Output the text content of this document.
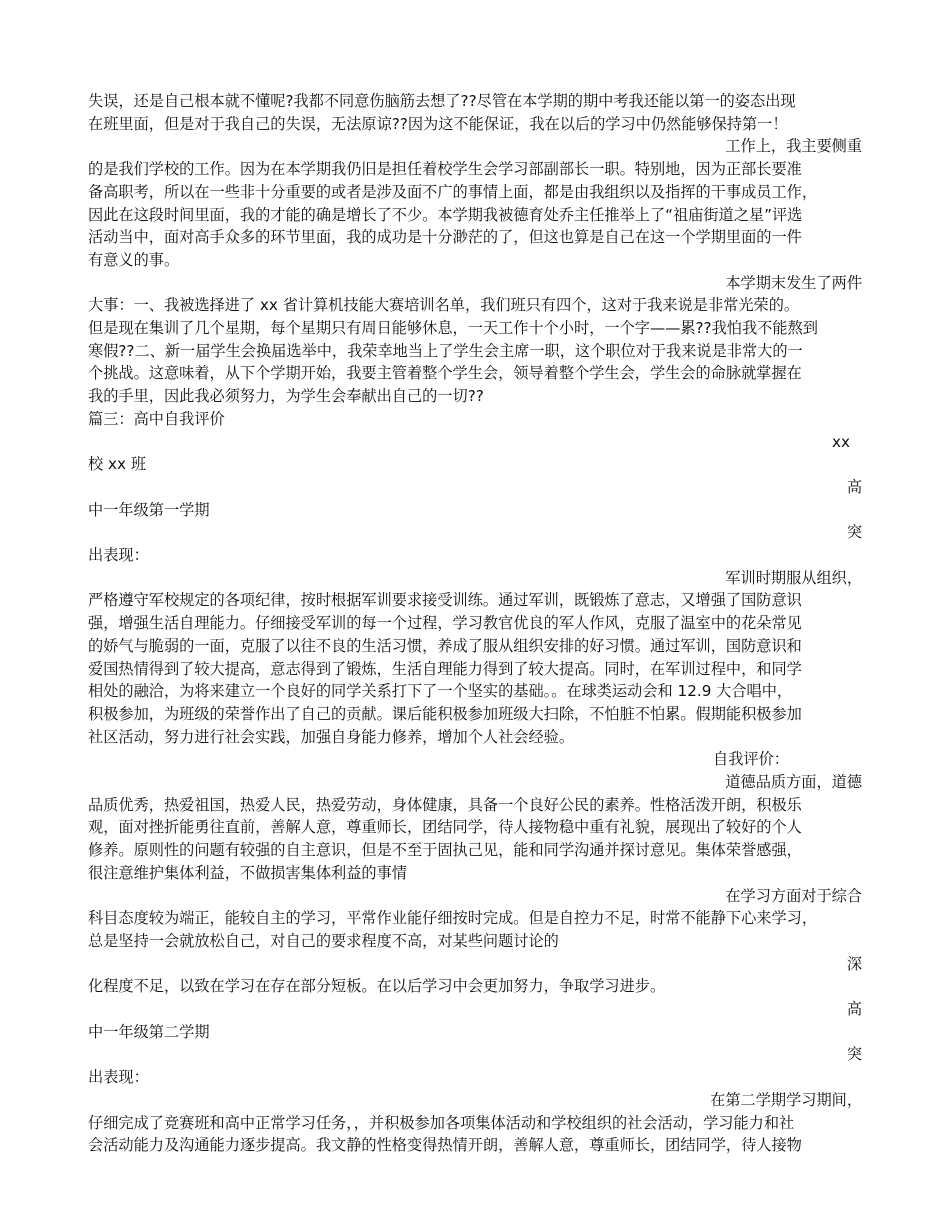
失误，还是自己根本就不懂呢?我都不同意伤脑筋去想了??尽管在本学期的期中考我还能以第一的姿态出现
在班里面，但是对于我自己的失误，无法原谅??因为这不能保证，我在以后的学习中仍然能够保持第一！
工作上，我主要侧重
的是我们学校的工作。因为在本学期我仍旧是担任着校学生会学习部副部长一职。特别地，因为正部长要准
备高职考，所以在一些非十分重要的或者是涉及面不广的事情上面，都是由我组织以及指挥的干事成员工作，
因此在这段时间里面，我的才能的确是增长了不少。本学期我被德育处乔主任推举上了“祖庙街道之星”评选
活动当中，面对高手众多的环节里面，我的成功是十分渺茫的了，但这也算是自己在这一个学期里面的一件
有意义的事。
本学期末发生了两件
大事：一、我被选择进了 xx 省计算机技能大赛培训名单，我们班只有四个，这对于我来说是非常光荣的。
但是现在集训了几个星期，每个星期只有周日能够休息，一天工作十个小时，一个字——累??我怕我不能熬到
寒假??二、新一届学生会换届选举中，我荣幸地当上了学生会主席一职，这个职位对于我来说是非常大的一
个挑战。这意味着，从下个学期开始，我要主管着整个学生会，领导着整个学生会，学生会的命脉就掌握在
我的手里，因此我必须努力，为学生会奉献出自己的一切??
篇三：高中自我评价
xx
校 xx 班
高
中一年级第一学期
突
出表现：
军训时期服从组织，
严格遵守军校规定的各项纪律，按时根据军训要求接受训练。通过军训，既锻炼了意志，又增强了国防意识
强，增强生活自理能力。仔细接受军训的每一个过程，学习教官优良的军人作风，克服了温室中的花朵常见
的娇气与脆弱的一面，克服了以往不良的生活习惯，养成了服从组织安排的好习惯。通过军训，国防意识和
爱国热情得到了较大提高，意志得到了锻炼，生活自理能力得到了较大提高。同时，在军训过程中，和同学
相处的融洽，为将来建立一个良好的同学关系打下了一个坚实的基础。。在球类运动会和 12.9 大合唱中，
积极参加，为班级的荣誉作出了自己的贡献。课后能积极参加班级大扫除，不怕脏不怕累。假期能积极参加
社区活动，努力进行社会实践，加强自身能力修养，增加个人社会经验。
自我评价：
道德品质方面，道德
品质优秀，热爱祖国，热爱人民，热爱劳动，身体健康，具备一个良好公民的素养。性格活泼开朗，积极乐
观，面对挫折能勇往直前，善解人意，尊重师长，团结同学，待人接物稳中重有礼貌，展现出了较好的个人
修养。原则性的问题有较强的自主意识，但是不至于固执己见，能和同学沟通并探讨意见。集体荣誉感强，
很注意维护集体利益，不做损害集体利益的事情
在学习方面对于综合
科目态度较为端正，能较自主的学习，平常作业能仔细按时完成。但是自控力不足，时常不能静下心来学习，
总是坚持一会就放松自己，对自己的要求程度不高，对某些问题讨论的
深
化程度不足，以致在学习在存在部分短板。在以后学习中会更加努力，争取学习进步。
高
中一年级第二学期
突
出表现：
在第二学期学习期间，
仔细完成了竞赛班和高中正常学习任务，，并积极参加各项集体活动和学校组织的社会活动，学习能力和社
会活动能力及沟通能力逐步提高。我文静的性格变得热情开朗，善解人意，尊重师长，团结同学，待人接物
